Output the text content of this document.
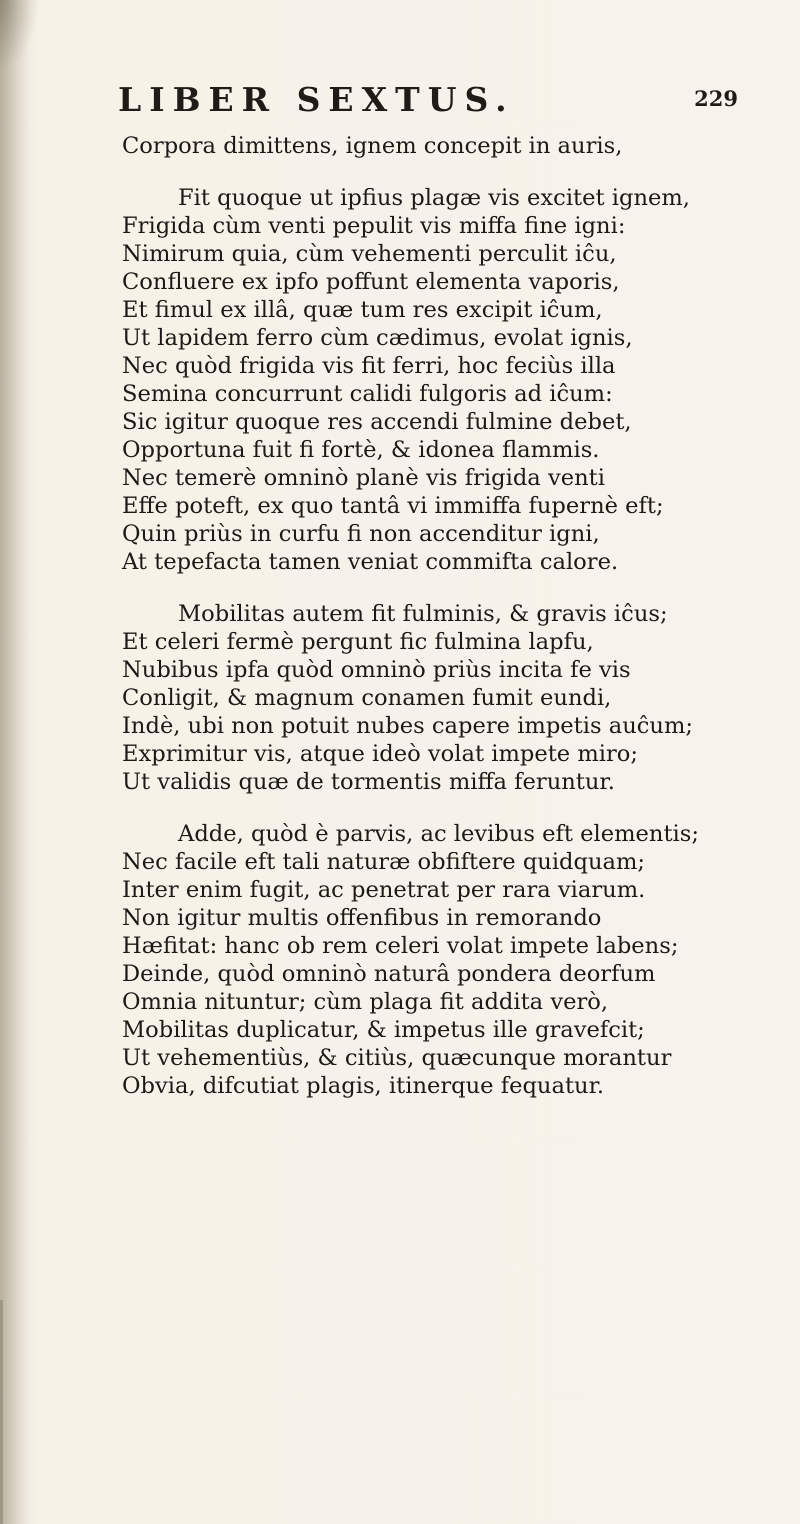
LIBER SEXTUS.	229
Corpora dimittens, ignem concepit in auris,
Fit quoque ut ipfius plagæ vis excitet ignem,
Frigida cùm venti pepulit vis miffa fine igni:
Nimirum quia, cùm vehementi perculit iĉu,
Confluere ex ipfo poffunt elementa vaporis,
Et fimul ex illâ, quæ tum res excipit iĉum,
Ut lapidem ferro cùm cædimus, evolat ignis,
Nec quòd frigida vis fit ferri, hoc feciùs illa
Semina concurrunt calidi fulgoris ad iĉum:
Sic igitur quoque res accendi fulmine debet,
Opportuna fuit fi fortè, & idonea flammis.
Nec temerè omninò planè vis frigida venti
Effe poteft, ex quo tantâ vi immiffa fupernè eft;
Quin priùs in curfu fi non accenditur igni,
At tepefacta tamen veniat commifta calore.
Mobilitas autem fit fulminis, & gravis iĉus;
Et celeri fermè pergunt fic fulmina lapfu,
Nubibus ipfa quòd omninò priùs incita fe vis
Conligit, & magnum conamen fumit eundi,
Indè, ubi non potuit nubes capere impetis auĉum;
Exprimitur vis, atque ideò volat impete miro;
Ut validis quæ de tormentis miffa feruntur.
Adde, quòd è parvis, ac levibus eft elementis;
Nec facile eft tali naturæ obfiftere quidquam;
Inter enim fugit, ac penetrat per rara viarum.
Non igitur multis offenfibus in remorando
Hæfitat: hanc ob rem celeri volat impete labens;
Deinde, quòd omninò naturâ pondera deorfum
Omnia nituntur; cùm plaga fit addita verò,
Mobilitas duplicatur, & impetus ille gravefcit;
Ut vehementiùs, & citiùs, quæcunque morantur
Obvia, difcutiat plagis, itinerque fequatur.
